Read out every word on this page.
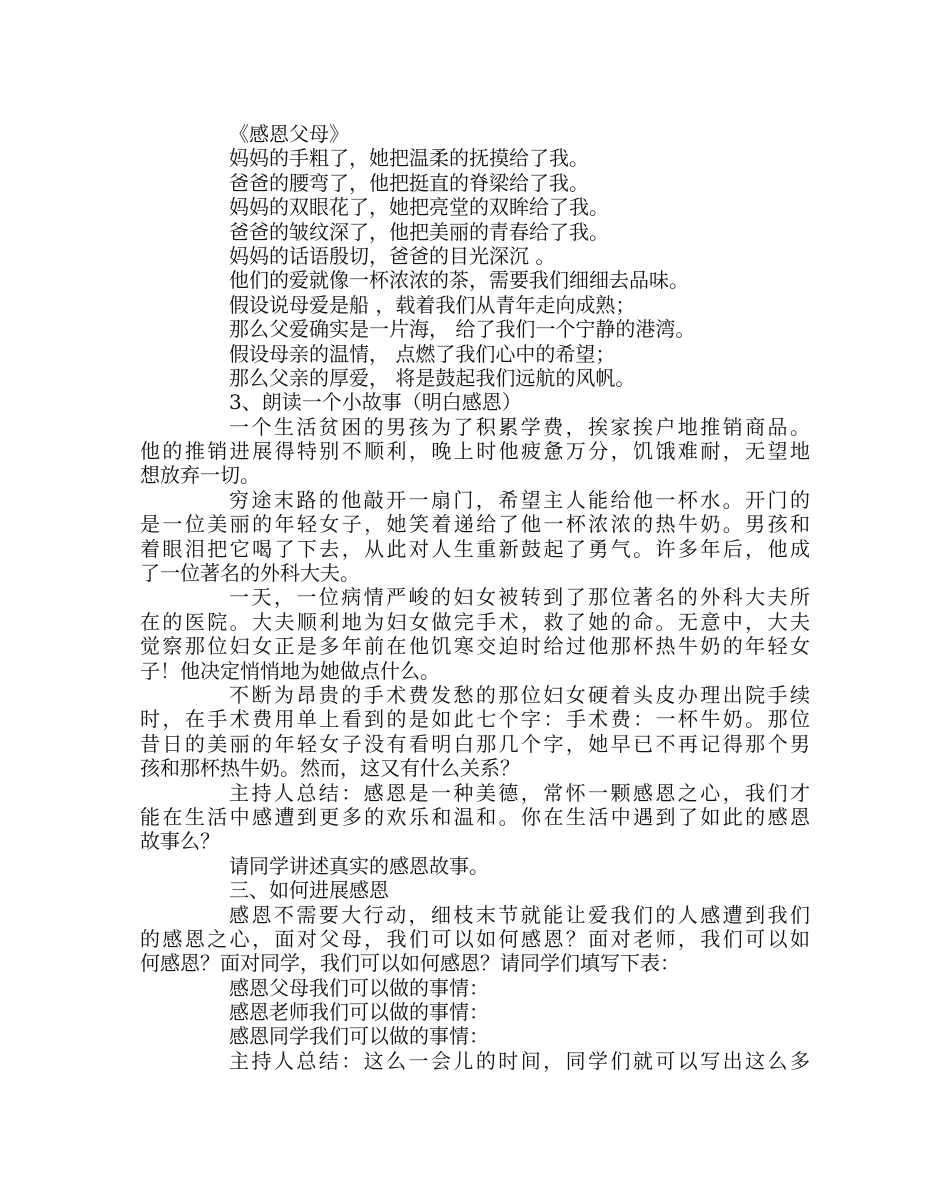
《感恩父母》
妈妈的手粗了，她把温柔的抚摸给了我。
爸爸的腰弯了，他把挺直的脊梁给了我。
妈妈的双眼花了，她把亮堂的双眸给了我。
爸爸的皱纹深了，他把美丽的青春给了我。
妈妈的话语殷切，爸爸的目光深沉 。
他们的爱就像一杯浓浓的茶，需要我们细细去品味。
假设说母爱是船 ，载着我们从青年走向成熟；
那么父爱确实是一片海， 给了我们一个宁静的港湾。
假设母亲的温情， 点燃了我们心中的希望；
那么父亲的厚爱， 将是鼓起我们远航的风帆。
3、朗读一个小故事（明白感恩）
一个生活贫困的男孩为了积累学费，挨家挨户地推销商品。
他的推销进展得特别不顺利，晚上时他疲惫万分，饥饿难耐，无望地
想放弃一切。
穷途末路的他敲开一扇门，希望主人能给他一杯水。开门的
是一位美丽的年轻女子，她笑着递给了他一杯浓浓的热牛奶。男孩和
着眼泪把它喝了下去，从此对人生重新鼓起了勇气。许多年后，他成
了一位著名的外科大夫。
一天，一位病情严峻的妇女被转到了那位著名的外科大夫所
在的医院。大夫顺利地为妇女做完手术，救了她的命。无意中，大夫
觉察那位妇女正是多年前在他饥寒交迫时给过他那杯热牛奶的年轻女
子！他决定悄悄地为她做点什么。
不断为昂贵的手术费发愁的那位妇女硬着头皮办理出院手续
时，在手术费用单上看到的是如此七个字：手术费：一杯牛奶。那位
昔日的美丽的年轻女子没有看明白那几个字，她早已不再记得那个男
孩和那杯热牛奶。然而，这又有什么关系？
主持人总结：感恩是一种美德，常怀一颗感恩之心，我们才
能在生活中感遭到更多的欢乐和温和。你在生活中遇到了如此的感恩
故事么？
请同学讲述真实的感恩故事。
三、如何进展感恩
感恩不需要大行动，细枝末节就能让爱我们的人感遭到我们
的感恩之心，面对父母，我们可以如何感恩？面对老师，我们可以如
何感恩？面对同学，我们可以如何感恩？请同学们填写下表：
感恩父母我们可以做的事情：
感恩老师我们可以做的事情：
感恩同学我们可以做的事情：
主持人总结：这么一会儿的时间，同学们就可以写出这么多
